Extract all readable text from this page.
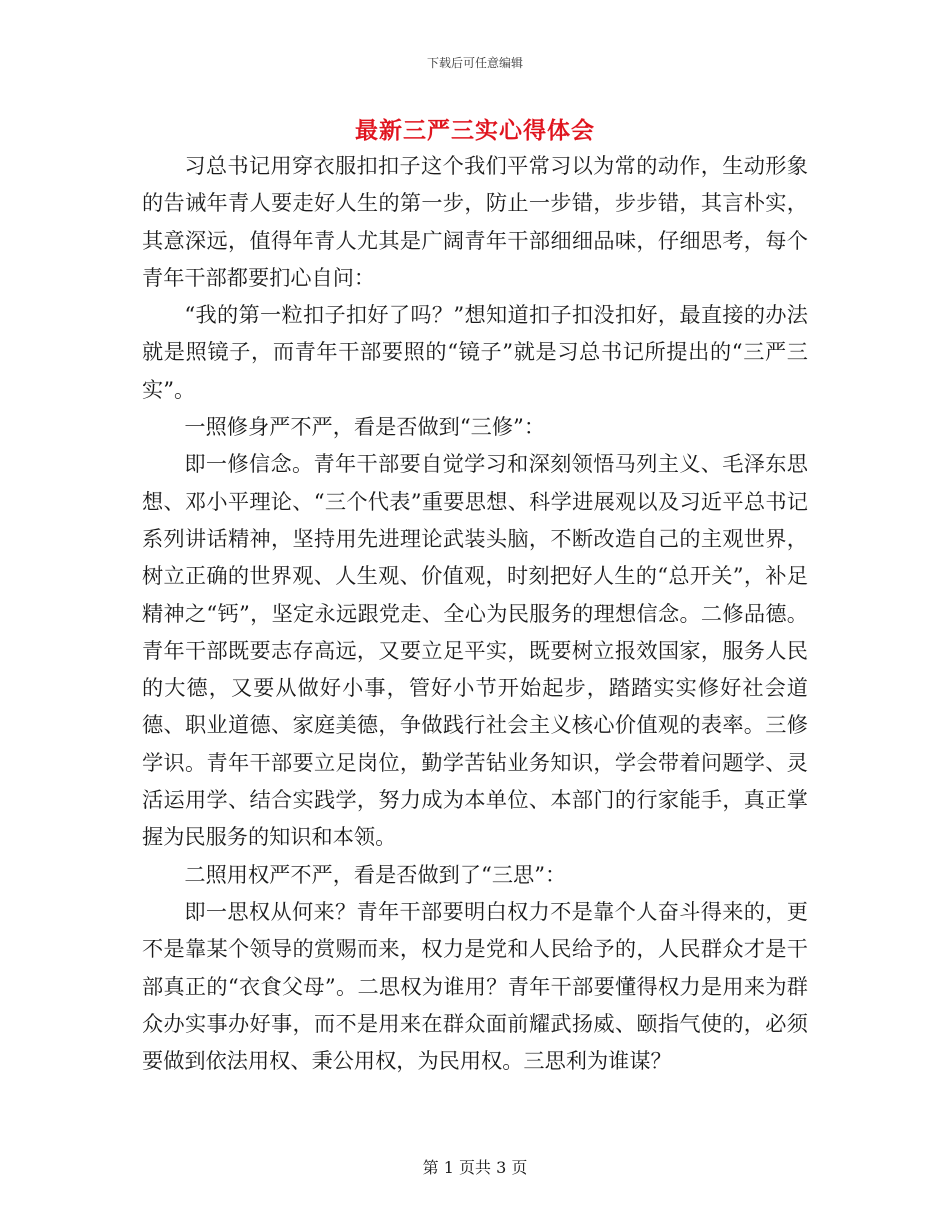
下载后可任意编辑
最新三严三实心得体会

习总书记用穿衣服扣扣子这个我们平常习以为常的动作，生动形象的告诫年青人要走好人生的第一步，防止一步错，步步错，其言朴实，其意深远，值得年青人尤其是广阔青年干部细细品味，仔细思考，每个青年干部都要扪心自问：

“我的第一粒扣子扣好了吗？”想知道扣子扣没扣好，最直接的办法就是照镜子，而青年干部要照的“镜子”就是习总书记所提出的“三严三实”。

一照修身严不严，看是否做到“三修”：

即一修信念。青年干部要自觉学习和深刻领悟马列主义、毛泽东思想、邓小平理论、“三个代表”重要思想、科学进展观以及习近平总书记系列讲话精神，坚持用先进理论武装头脑，不断改造自己的主观世界，树立正确的世界观、人生观、价值观，时刻把好人生的“总开关”，补足精神之“钙”，坚定永远跟党走、全心为民服务的理想信念。二修品德。青年干部既要志存高远，又要立足平实，既要树立报效国家，服务人民的大德，又要从做好小事，管好小节开始起步，踏踏实实修好社会道德、职业道德、家庭美德，争做践行社会主义核心价值观的表率。三修学识。青年干部要立足岗位，勤学苦钻业务知识，学会带着问题学、灵活运用学、结合实践学，努力成为本单位、本部门的行家能手，真正掌握为民服务的知识和本领。

二照用权严不严，看是否做到了“三思”：

即一思权从何来？青年干部要明白权力不是靠个人奋斗得来的，更不是靠某个领导的赏赐而来，权力是党和人民给予的，人民群众才是干部真正的“衣食父母”。二思权为谁用？青年干部要懂得权力是用来为群众办实事办好事，而不是用来在群众面前耀武扬威、颐指气使的，必须要做到依法用权、秉公用权，为民用权。三思利为谁谋？

第 1 页共 3 页
